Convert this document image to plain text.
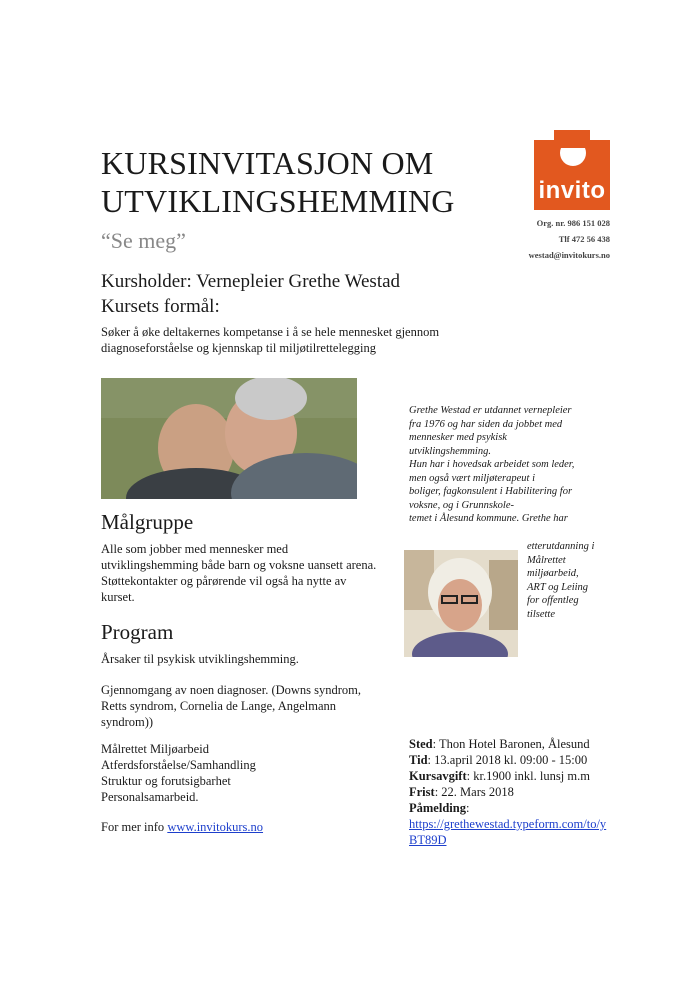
KURSINVITASJON OM
UTVIKLINGSHEMMING
“Se meg”
invito
Org. nr. 986 151 028
Tlf 472 56 438
westad@invitokurs.no
Kursholder: Vernepleier Grethe Westad
Kursets formål:
Søker å øke deltakernes kompetanse i å se hele mennesket gjennom
diagnoseforståelse og kjennskap til miljøtilrettelegging
Målgruppe
Alle som jobber med mennesker med
utviklingshemming både barn og voksne uansett arena.
Støttekontakter og pårørende vil også ha nytte av
kurset.
Program
Årsaker til psykisk utviklingshemming.
Gjennomgang av noen diagnoser. (Downs syndrom,
Retts syndrom, Cornelia de Lange, Angelmann
syndrom))
Målrettet Miljøarbeid
Atferdsforståelse/Samhandling
Struktur og forutsigbarhet
Personalsamarbeid.
For mer info www.invitokurs.no
Grethe Westad er utdannet vernepleier
fra 1976 og har siden da jobbet med
mennesker med psykisk
utviklingshemming.
Hun har i hovedsak arbeidet som leder,
men også vært miljøterapeut i
boliger, fagkonsulent i Habilitering for
voksne, og i Grunnskole-
temet i Ålesund kommune. Grethe har
etterutdanning i
Målrettet
miljøarbeid,
ART og Leiing
for offentleg
tilsette
Sted: Thon Hotel Baronen, Ålesund
Tid: 13.april 2018 kl. 09:00 - 15:00
Kursavgift: kr.1900 inkl. lunsj m.m
Frist: 22. Mars 2018
Påmelding:
https://grethewestad.typeform.com/to/y
BT89D
